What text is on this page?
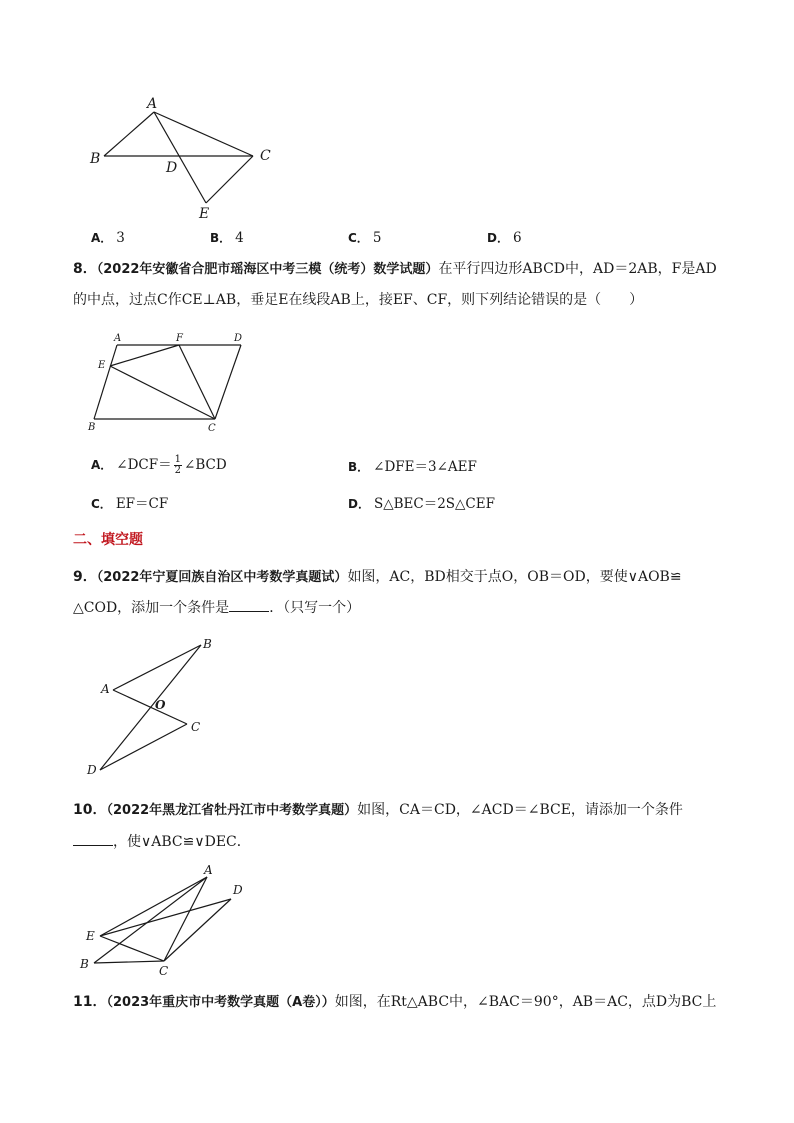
A
B	C
D
E
A． 3	B． 4	C． 5	D． 6
8．（2022年安徽省合肥市瑶海区中考三模（统考）数学试题）在平行四边形ABCD中，AD＝2AB，F是AD
的中点，过点C作CE⊥AB，垂足E在线段AB上，接EF、CF，则下列结论错误的是（　　）
A	F	D
E
B	C
A． ∠DCF＝ $\frac{1}{2}$ ∠BCD	B． ∠DFE＝3∠AEF
C． EF＝CF	D． S△BEC＝2S△CEF
二、填空题
9．（2022年宁夏回族自治区中考数学真题试）如图，AC，BD相交于点O，OB＝OD，要使∨AOB≌
△COD，添加一个条件是	．（只写一个）
A
B
O
C
D
10．（2022年黑龙江省牡丹江市中考数学真题）如图，CA＝CD，∠ACD＝∠BCE，请添加一个条件
，使∨ABC≌∨DEC．
A
D
E
B	C
11．（2023年重庆市中考数学真题（A卷））如图，在Rt△ABC中，∠BAC＝90°，AB＝AC，点D为BC上
